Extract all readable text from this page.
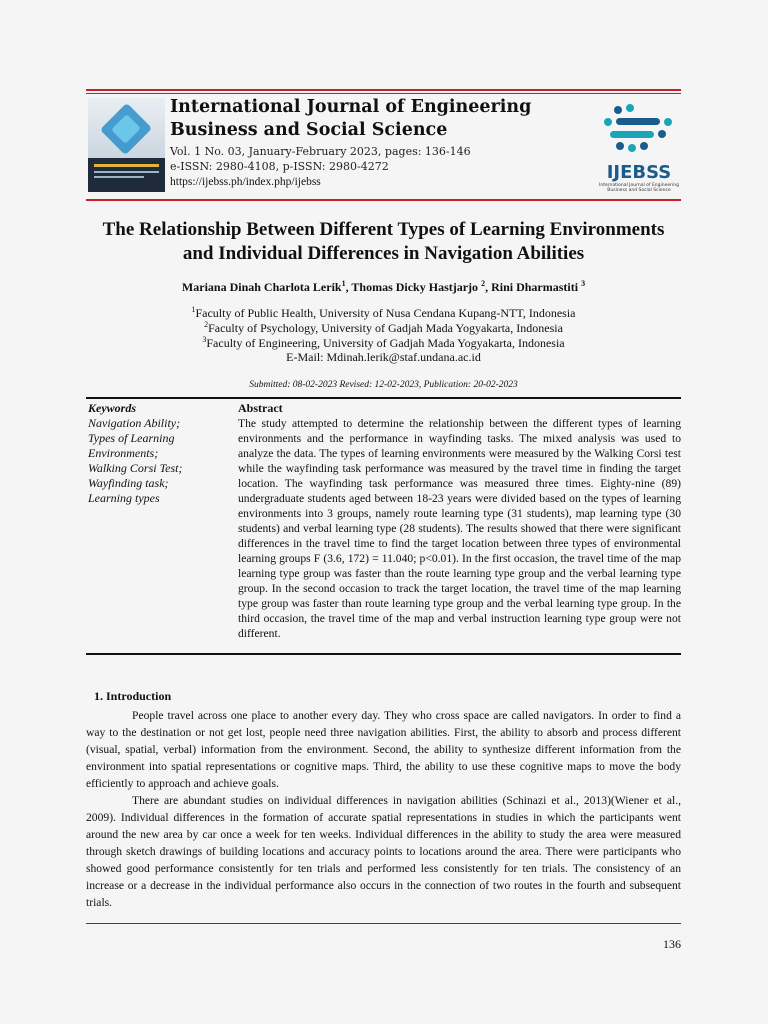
International Journal of Engineering Business and Social Science
Vol. 1 No. 03, January-February 2023, pages: 136-146
e-ISSN: 2980-4108, p-ISSN: 2980-4272
https://ijebss.ph/index.php/ijebss	IJEBSS
International Journal of Engineering Business and Social Science
The Relationship Between Different Types of Learning Environments and Individual Differences in Navigation Abilities
Mariana Dinah Charlota Lerik$^1$, Thomas Dicky Hastjarjo $^2$, Rini Dharmastiti $^3$
$^1$Faculty of Public Health, University of Nusa Cendana Kupang-NTT, Indonesia
$^2$Faculty of Psychology, University of Gadjah Mada Yogyakarta, Indonesia
$^3$Faculty of Engineering, University of Gadjah Mada Yogyakarta, Indonesia
E-Mail: Mdinah.lerik@staf.undana.ac.id
Submitted: 08-02-2023 Revised: 12-02-2023, Publication: 20-02-2023
Keywords
Navigation Ability;
Types of Learning Environments;
Walking Corsi Test;
Wayfinding task;
Learning types
Abstract
The study attempted to determine the relationship between the different types of learning environments and the performance in wayfinding tasks. The mixed analysis was used to analyze the data. The types of learning environments were measured by the Walking Corsi test while the wayfinding task performance was measured by the travel time in finding the target location. The wayfinding task performance was measured three times. Eighty-nine (89) undergraduate students aged between 18-23 years were divided based on the types of learning environments into 3 groups, namely route learning type (31 students), map learning type (30 students) and verbal learning type (28 students). The results showed that there were significant differences in the travel time to find the target location between three types of environmental learning groups F (3.6, 172) = 11.040; p<0.01). In the first occasion, the travel time of the map learning type group was faster than the route learning type group and the verbal learning type group. In the second occasion to track the target location, the travel time of the map learning type group was faster than route learning type group and the verbal learning type group. In the third occasion, the travel time of the map and verbal instruction learning type group were not different.
1. Introduction

People travel across one place to another every day. They who cross space are called navigators. In order to find a way to the destination or not get lost, people need three navigation abilities. First, the ability to absorb and process different (visual, spatial, verbal) information from the environment. Second, the ability to synthesize different information from the environment into spatial representations or cognitive maps. Third, the ability to use these cognitive maps to move the body efficiently to approach and achieve goals.

There are abundant studies on individual differences in navigation abilities (Schinazi et al., 2013)(Wiener et al., 2009). Individual differences in the formation of accurate spatial representations in studies in which the participants went around the new area by car once a week for ten weeks. Individual differences in the ability to study the area were measured through sketch drawings of building locations and accuracy points to locations around the area. There were participants who showed good performance consistently for ten trials and performed less consistently for ten trials. The consistency of an increase or a decrease in the individual performance also occurs in the connection of two routes in the fourth and subsequent trials.

136
